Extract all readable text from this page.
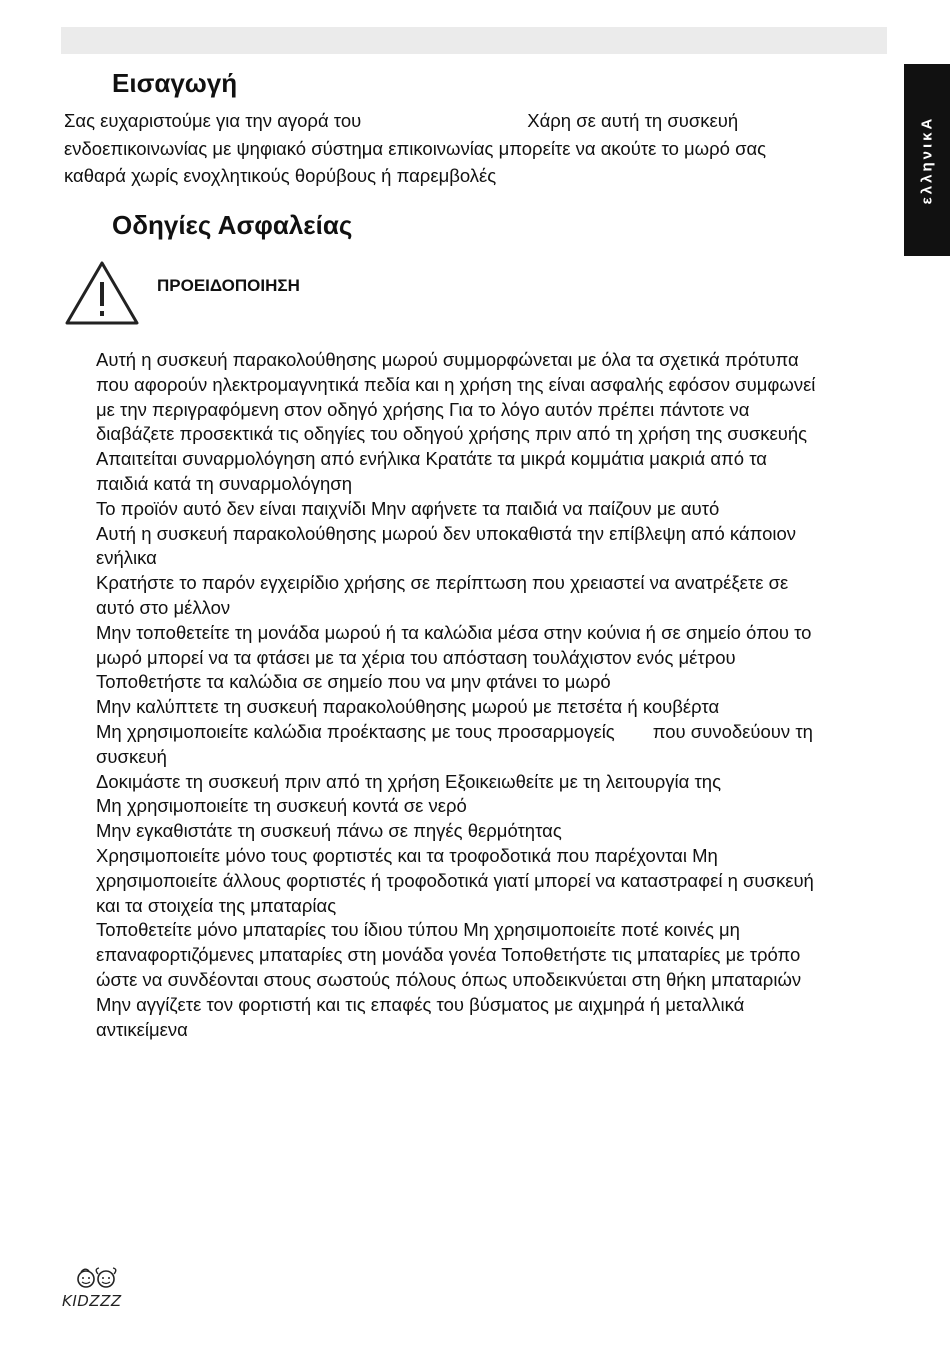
ελληνικΑ
Εισαγωγή
Σας ευχαριστούμε για την αγορά του	Χάρη σε αυτή τη συσκευή
ενδοεπικοινωνίας με ψηφιακό σύστημα επικοινωνίας μπορείτε να ακούτε το μωρό σας
καθαρά χωρίς ενοχλητικούς θορύβους ή παρεμβολές
Οδηγίες Ασφαλείας
ΠΡΟΕΙΔΟΠΟΙΗΣΗ
Αυτή η συσκευή παρακολούθησης μωρού συμμορφώνεται με όλα τα σχετικά πρότυπα
που αφορούν ηλεκτρομαγνητικά πεδία και η χρήση της είναι ασφαλής εφόσον συμφωνεί
με την περιγραφόμενη στον οδηγό χρήσης Για το λόγο αυτόν πρέπει πάντοτε να
διαβάζετε προσεκτικά τις οδηγίες του οδηγού χρήσης πριν από τη χρήση της συσκευής
Απαιτείται συναρμολόγηση από ενήλικα Κρατάτε τα μικρά κομμάτια μακριά από τα
παιδιά κατά τη συναρμολόγηση
Το προϊόν αυτό δεν είναι παιχνίδι Μην αφήνετε τα παιδιά να παίζουν με αυτό
Αυτή η συσκευή παρακολούθησης μωρού δεν υποκαθιστά την επίβλεψη από κάποιον
ενήλικα
Κρατήστε το παρόν εγχειρίδιο χρήσης σε περίπτωση που χρειαστεί να ανατρέξετε σε
αυτό στο μέλλον
Μην τοποθετείτε τη μονάδα μωρού ή τα καλώδια μέσα στην κούνια ή σε σημείο όπου το
μωρό μπορεί να τα φτάσει με τα χέρια του απόσταση τουλάχιστον ενός μέτρου
Τοποθετήστε τα καλώδια σε σημείο που να μην φτάνει το μωρό
Μην καλύπτετε τη συσκευή παρακολούθησης μωρού με πετσέτα ή κουβέρτα
Μη χρησιμοποιείτε καλώδια προέκτασης με τους προσαρμογείς που συνοδεύουν τη
συσκευή
Δοκιμάστε τη συσκευή πριν από τη χρήση Εξοικειωθείτε με τη λειτουργία της
Μη χρησιμοποιείτε τη συσκευή κοντά σε νερό
Μην εγκαθιστάτε τη συσκευή πάνω σε πηγές θερμότητας
Χρησιμοποιείτε μόνο τους φορτιστές και τα τροφοδοτικά που παρέχονται Μη
χρησιμοποιείτε άλλους φορτιστές ή τροφοδοτικά γιατί μπορεί να καταστραφεί η συσκευή
και τα στοιχεία της μπαταρίας
Τοποθετείτε μόνο μπαταρίες του ίδιου τύπου Μη χρησιμοποιείτε ποτέ κοινές μη
επαναφορτιζόμενες μπαταρίες στη μονάδα γονέα Τοποθετήστε τις μπαταρίες με τρόπο
ώστε να συνδέονται στους σωστούς πόλους όπως υποδεικνύεται στη θήκη μπαταριών
Μην αγγίζετε τον φορτιστή και τις επαφές του βύσματος με αιχμηρά ή μεταλλικά
αντικείμενα
KIDZZZ
